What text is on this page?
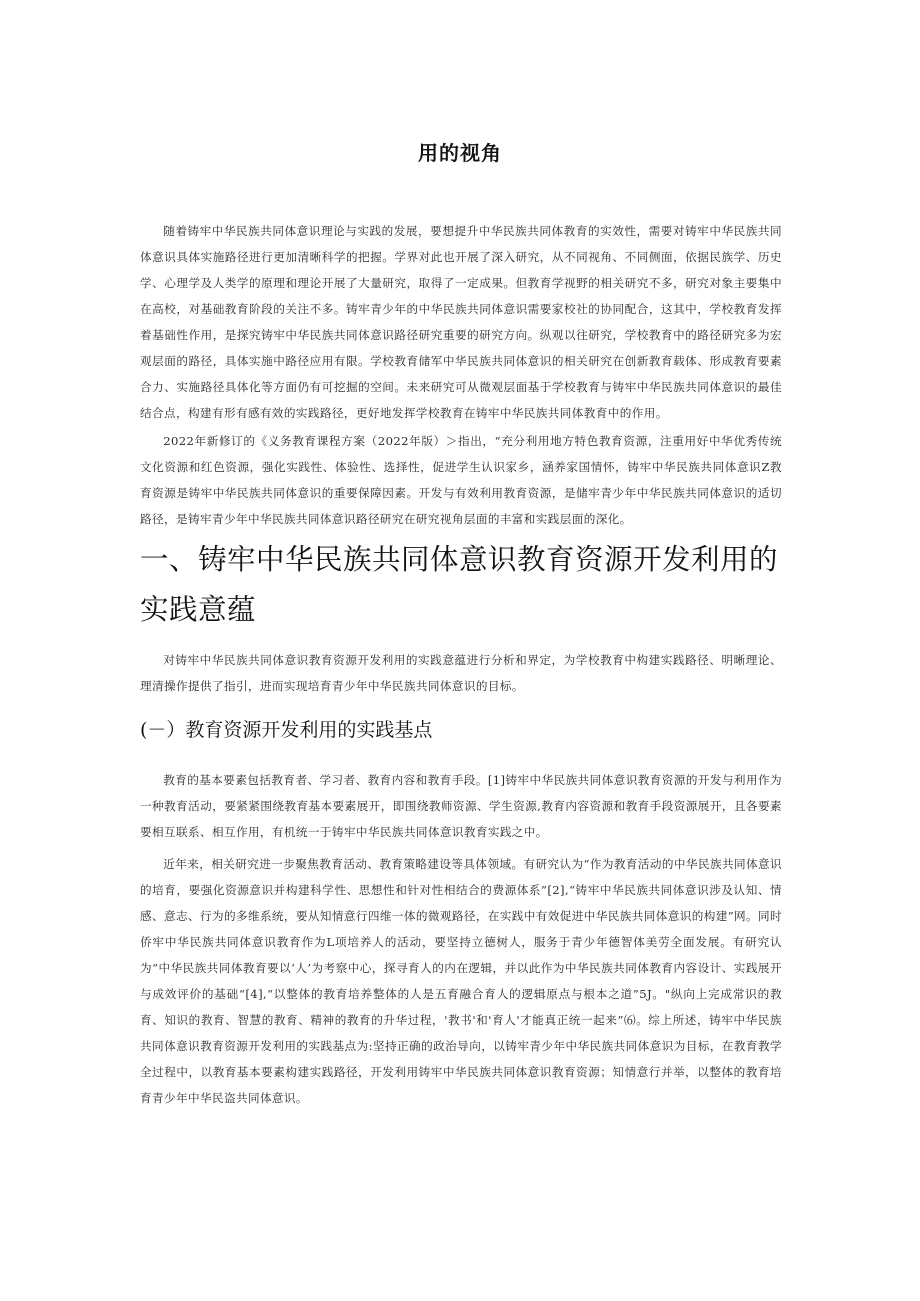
用的视角

随着铸牢中华民族共同体意识理论与实践的发展，要想提升中华民族共同体教育的实效性，需要对铸牢中华民族共同体意识具体实施路径进行更加清晰科学的把握。学界对此也开展了深入研究，从不同视角、不同侧面，依据民族学、历史学、心理学及人类学的原理和理论开展了大量研究，取得了一定成果。但教育学视野的相关研究不多，研究对象主要集中在高校，对基础教育阶段的关注不多。铸牢青少年的中华民族共同体意识需要家校社的协同配合，这其中，学校教育发挥着基础性作用，是探究铸牢中华民族共同体意识路径研究重要的研究方向。纵观以往研究，学校教育中的路径研究多为宏观层面的路径，具体实施中路径应用有限。学校教育储军中华民族共同体意识的相关研究在创新教育载体、形成教育要素合力、实施路径具体化等方面仍有可挖掘的空间。未来研究可从微观层面基于学校教育与铸牢中华民族共同体意识的最佳结合点，构建有形有感有效的实践路径，更好地发挥学校教育在铸牢中华民族共同体教育中的作用。

2022年新修订的《义务教育课程方案（2022年版）＞指出，“充分利用地方特色教育资源，注重用好中华优秀传统文化资源和红色资源，强化实践性、体验性、选择性，促进学生认识家乡，涵养家国情怀，铸牢中华民族共同体意识Z教育资源是铸牢中华民族共同体意识的重要保障因素。开发与有效利用教育资源，是储牢青少年中华民族共同体意识的适切路径，是铸牢青少年中华民族共同体意识路径研究在研究视角层面的丰富和实践层面的深化。

一、铸牢中华民族共同体意识教育资源开发利用的实践意蕴

对铸牢中华民族共同体意识教育资源开发利用的实践意蕴进行分析和界定，为学校教育中构建实践路径、明晰理论、理清操作提供了指引，进而实现培育青少年中华民族共同体意识的目标。

(－）教育资源开发利用的实践基点

教育的基本要素包括教育者、学习者、教育内容和教育手段。[1]铸牢中华民族共同体意识教育资源的开发与利用作为一种教育活动，要紧紧围绕教育基本要素展开，即围绕教师资源、学生资源,教育内容资源和教育手段资源展开，且各要素要相互联系、相互作用，有机统一于铸牢中华民族共同体意识教育实践之中。

近年来，相关研究进一步聚焦教育活动、教育策略建设等具体领域。有研究认为“作为教育活动的中华民族共同体意识的培育，要强化资源意识并构建科学性、思想性和针对性相结合的费源体系”[2],“铸牢中华民族共同体意识涉及认知、情感、意志、行为的多维系统，要从知情意行四维一体的微观路径，在实践中有效促进中华民族共同体意识的构建”网。同时侨牢中华民族共同体意识教育作为L项培养人的活动，要坚持立德树人，服务于青少年德智体美劳全面发展。有研究认为“中华民族共同体教育要以‘人’为考察中心，探寻育人的内在逻辑，并以此作为中华民族共同体教育内容设计、实践展开与成效评价的基础“[4],“以整体的教育培养整体的人是五育融合育人的逻辑原点与根本之道”5J。"纵向上完成常识的教育、知识的教育、智慧的教育、精神的教育的升华过程，'教书'和'育人'才能真正统一起来”⑹。综上所述，铸牢中华民族共同体意识教育资源开发利用的实践基点为:坚持正确的政治导向，以铸牢青少年中华民族共同体意识为目标，在教育教学全过程中，以教育基本要素构建实践路径，开发利用铸牢中华民族共同体意识教育资源；知情意行并举，以整体的教育培育青少年中华民盗共同体意识。
